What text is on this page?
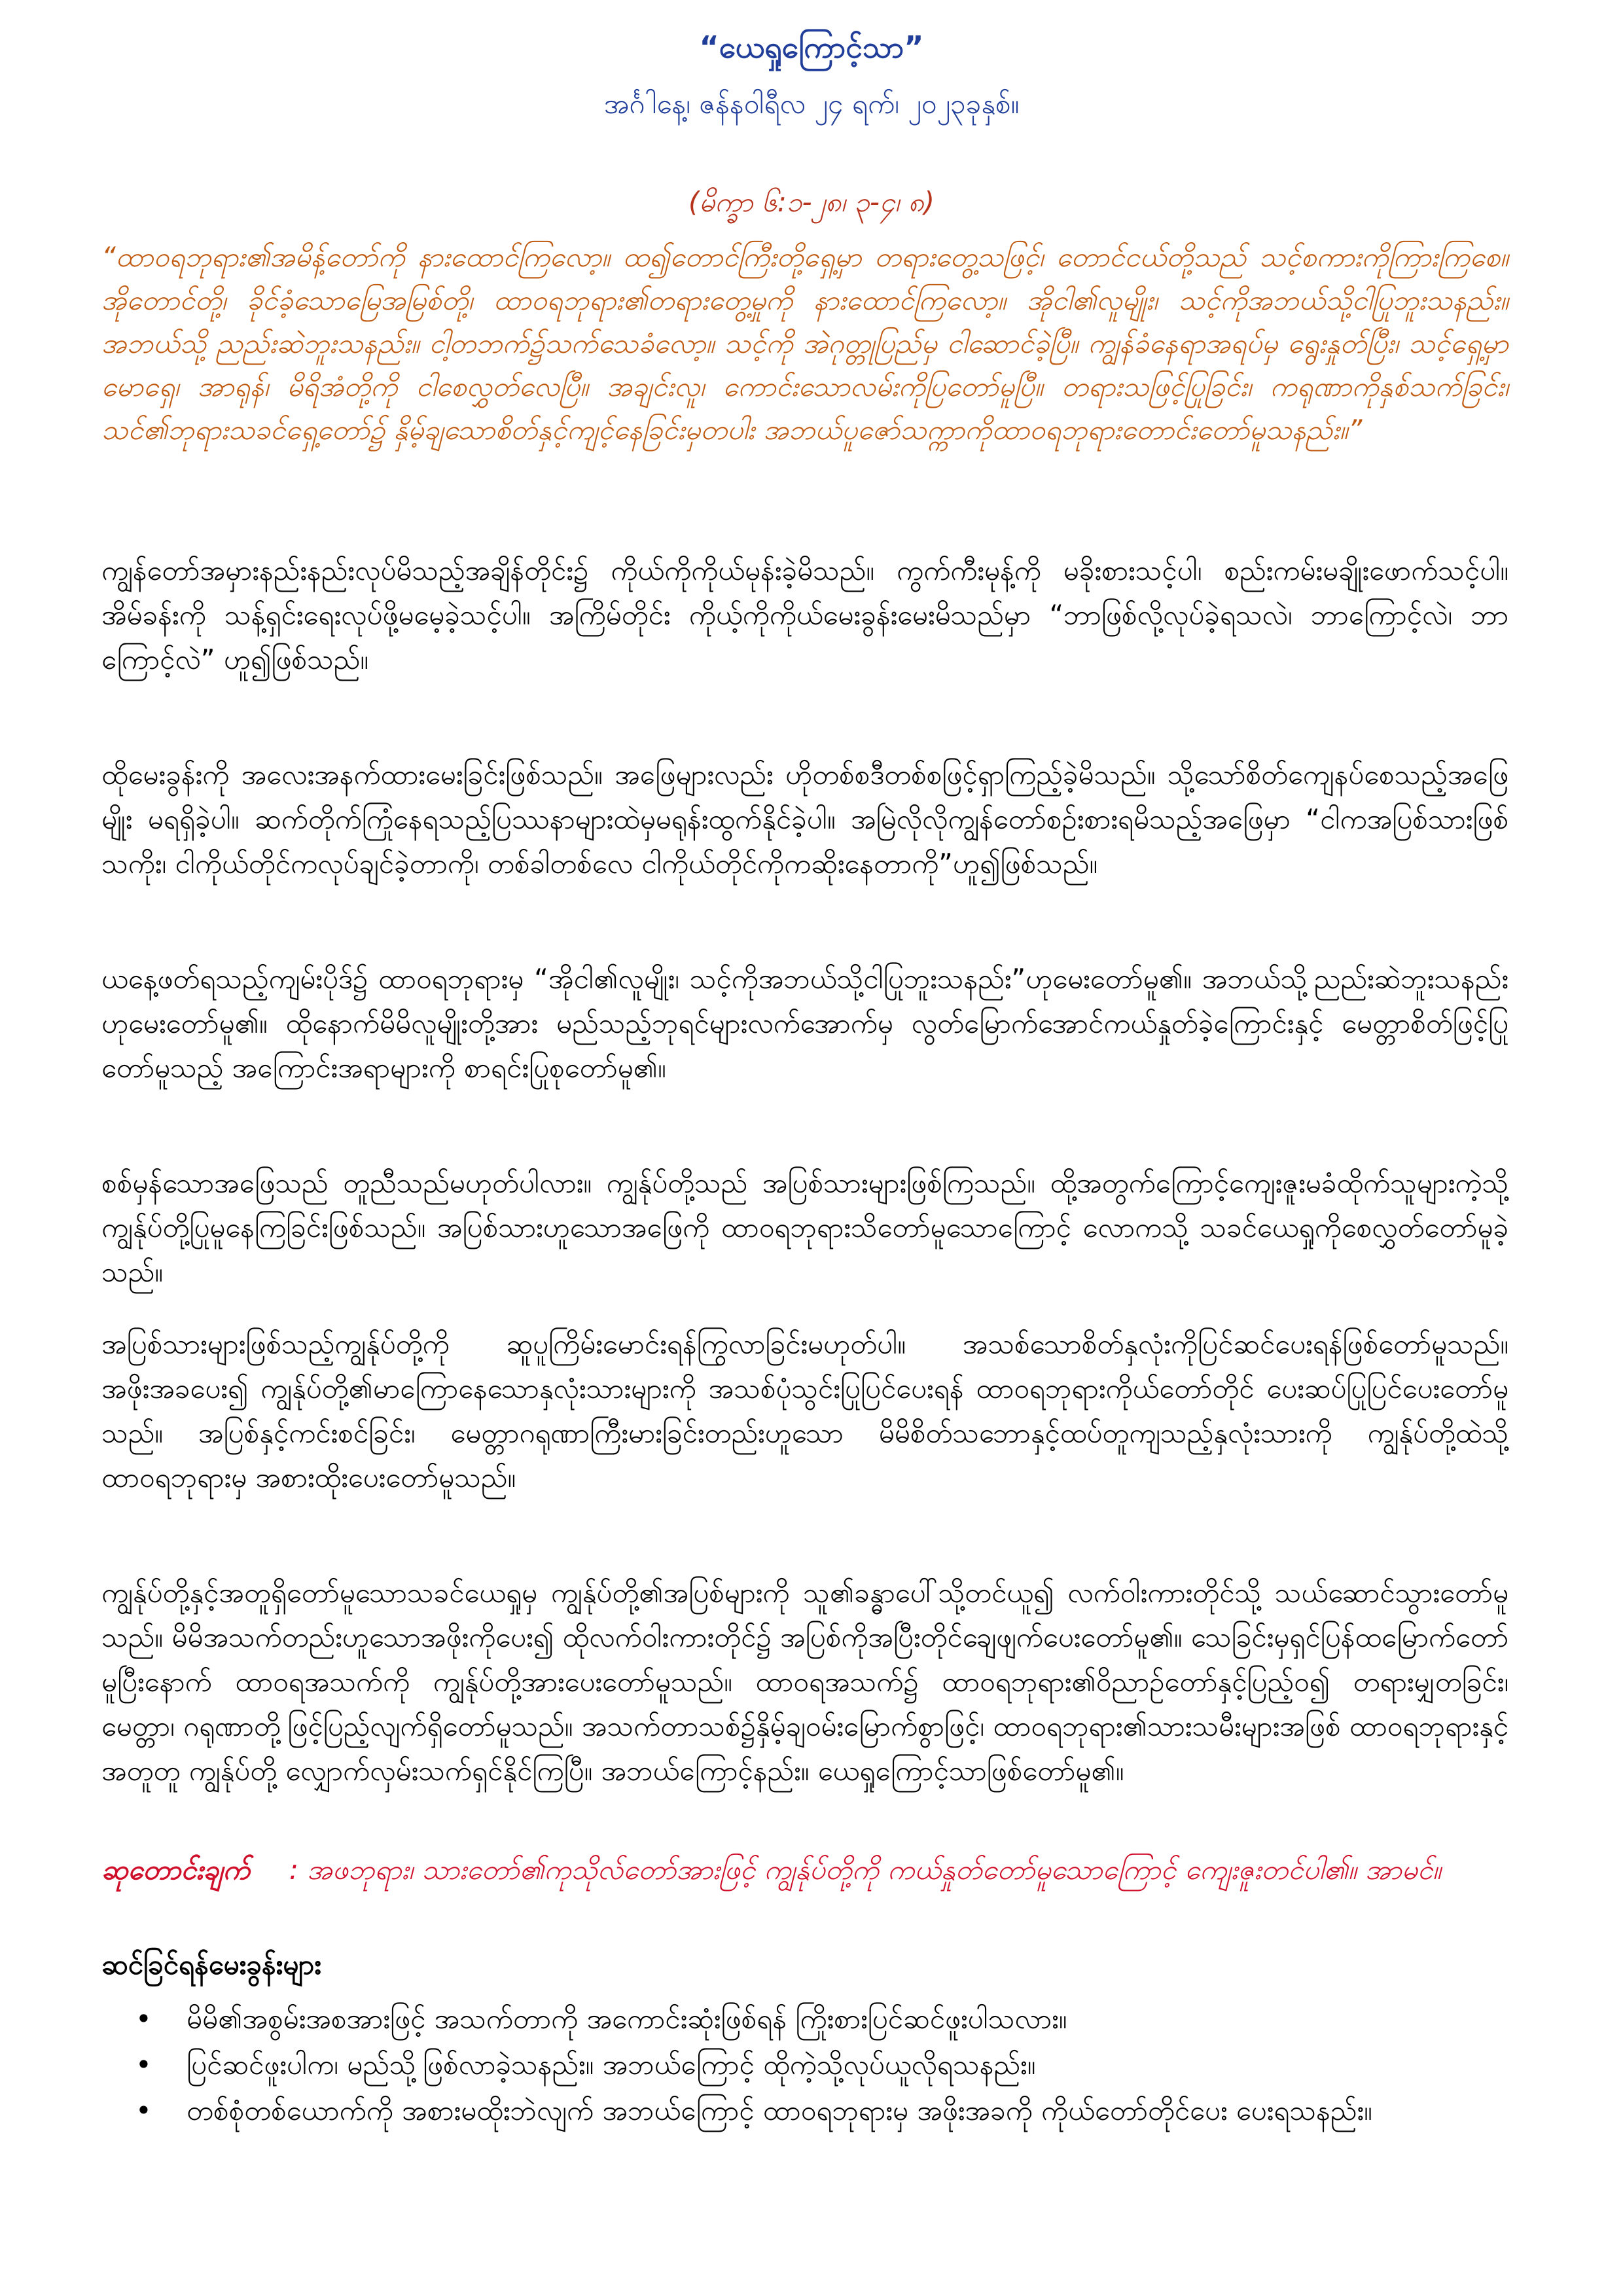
“ယေရှုကြောင့်သာ”
အင်္ဂါနေ့၊ ဇန်နဝါရီလ ၂၄ ရက်၊ ၂၀၂၃ခုနှစ်။
(မိက္ခာ ၆:၁-၂၈၊ ၃-၄၊ ၈)
“ထာဝရဘုရား၏အမိန့်တော်ကို နားထောင်ကြလော့။ ထ၍တောင်ကြီးတို့ရှေ့မှာ တရားတွေ့သဖြင့်၊ တောင်ငယ်တို့သည် သင့်စကားကိုကြားကြစေ။ အိုတောင်တို့၊ ခိုင်ခံ့သောမြေအမြစ်တို့၊ ထာဝရဘုရား၏တရားတွေ့မှုကို နားထောင်ကြလော့။ အိုငါ၏လူမျိုး၊ သင့်ကိုအဘယ်သို့ငါပြုဘူးသနည်း။ အဘယ်သို့ ညည်းဆဲဘူးသနည်း။ ငါ့တဘက်၌သက်သေခံလော့။ သင့်ကို အဲဂုတ္တုပြည်မှ ငါဆောင်ခဲ့ပြီ။ ကျွန်ခံနေရာအရပ်မှ ရွေးနှုတ်ပြီး၊ သင့်ရှေ့မှာ မောရှေ၊ အာရုန်၊ မိရိအံတို့ကို ငါစေလွှတ်လေပြီ။ အချင်းလူ၊ ကောင်းသောလမ်းကိုပြတော်မူပြီ။ တရားသဖြင့်ပြုခြင်း၊ ကရုဏာကိုနှစ်သက်ခြင်း၊ သင်၏ဘုရားသခင်ရှေ့တော်၌ နှိမ့်ချသောစိတ်နှင့်ကျင့်နေခြင်းမှတပါး အဘယ်ပူဇော်သက္ကာကိုထာဝရဘုရားတောင်းတော်မူသနည်း။”
ကျွန်တော်အမှားနည်းနည်းလုပ်မိသည့်အချိန်တိုင်း၌ ကိုယ်ကိုကိုယ်မုန်းခဲ့မိသည်။ ကွက်ကီးမုန့်ကို မခိုးစားသင့်ပါ၊ စည်းကမ်းမချိုးဖောက်သင့်ပါ။ အိမ်ခန်းကို သန့်ရှင်းရေးလုပ်ဖို့မမေ့ခဲ့သင့်ပါ။ အကြိမ်တိုင်း ကိုယ့်ကိုကိုယ်မေးခွန်းမေးမိသည်မှာ “ဘာဖြစ်လို့လုပ်ခဲ့ရသလဲ၊ ဘာကြောင့်လဲ၊ ဘာကြောင့်လဲ” ဟူ၍ဖြစ်သည်။
ထိုမေးခွန်းကို အလေးအနက်ထားမေးခြင်းဖြစ်သည်။ အဖြေများလည်း ဟိုတစ်စဒီတစ်စဖြင့်ရှာကြည့်ခဲ့မိသည်။ သို့သော်စိတ်ကျေနပ်စေသည့်အဖြေမျိုး မရရှိခဲ့ပါ။ ဆက်တိုက်ကြုံနေရသည့်ပြဿနာများထဲမှမရုန်းထွက်နိုင်ခဲ့ပါ။ အမြဲလိုလိုကျွန်တော်စဉ်းစားရမိသည့်အဖြေမှာ “ငါကအပြစ်သားဖြစ်သကိုး၊ ငါကိုယ်တိုင်ကလုပ်ချင်ခဲ့တာကို၊ တစ်ခါတစ်လေ ငါကိုယ်တိုင်ကိုကဆိုးနေတာကို”ဟူ၍ဖြစ်သည်။
ယနေ့ဖတ်ရသည့်ကျမ်းပိုဒ်၌ ထာဝရဘုရားမှ “အိုငါ၏လူမျိုး၊ သင့်ကိုအဘယ်သို့ငါပြုဘူးသနည်း”ဟုမေးတော်မူ၏။ အဘယ်သို့ညည်းဆဲဘူးသနည်းဟုမေးတော်မူ၏။ ထိုနောက်မိမိလူမျိုးတို့အား မည်သည့်ဘုရင်များလက်အောက်မှ လွတ်မြောက်အောင်ကယ်နှုတ်ခဲ့ကြောင်းနှင့် မေတ္တာစိတ်ဖြင့်ပြုတော်မူသည့် အကြောင်းအရာများကို စာရင်းပြုစုတော်မူ၏။
စစ်မှန်သောအဖြေသည် တူညီသည်မဟုတ်ပါလား။ ကျွန်ုပ်တို့သည် အပြစ်သားများဖြစ်ကြသည်။ ထို့အတွက်ကြောင့်ကျေးဇူးမခံထိုက်သူများကဲ့သို့ ကျွန်ုပ်တို့ပြုမူနေကြခြင်းဖြစ်သည်။ အပြစ်သားဟူသောအဖြေကို ထာဝရဘုရားသိတော်မူသောကြောင့် လောကသို့ သခင်ယေရှုကိုစေလွှတ်တော်မူခဲ့သည်။
အပြစ်သားများဖြစ်သည့်ကျွန်ုပ်တို့ကို ဆူပူကြိမ်းမောင်းရန်ကြွလာခြင်းမဟုတ်ပါ။ အသစ်သောစိတ်နှလုံးကိုပြင်ဆင်ပေးရန်ဖြစ်တော်မူသည်။ အဖိုးအခပေး၍ ကျွန်ုပ်တို့၏မာကြောနေသောနှလုံးသားများကို အသစ်ပုံသွင်းပြုပြင်ပေးရန် ထာဝရဘုရားကိုယ်တော်တိုင် ပေးဆပ်ပြုပြင်ပေးတော်မူသည်။ အပြစ်နှင့်ကင်းစင်ခြင်း၊ မေတ္တာဂရုဏာကြီးမားခြင်းတည်းဟူသော မိမိစိတ်သဘောနှင့်ထပ်တူကျသည့်နှလုံးသားကို ကျွန်ုပ်တို့ထဲသို့ ထာဝရဘုရားမှ အစားထိုးပေးတော်မူသည်။
ကျွန်ုပ်တို့နှင့်အတူရှိတော်မူသောသခင်ယေရှုမှ ကျွန်ုပ်တို့၏အပြစ်များကို သူ၏ခန္ဓာပေါ်သို့တင်ယူ၍ လက်ဝါးကားတိုင်သို့ သယ်ဆောင်သွားတော်မူသည်။ မိမိအသက်တည်းဟူသောအဖိုးကိုပေး၍ ထိုလက်ဝါးကားတိုင်၌ အပြစ်ကိုအပြီးတိုင်ချေဖျက်ပေးတော်မူ၏။ သေခြင်းမှရှင်ပြန်ထမြောက်တော်မူပြီးနောက် ထာဝရအသက်ကို ကျွန်ုပ်တို့အားပေးတော်မူသည်။ ထာဝရအသက်၌ ထာဝရဘုရား၏ဝိညာဉ်တော်နှင့်ပြည့်ဝ၍ တရားမျှတခြင်း၊ မေတ္တာ၊ ဂရုဏာတို့ဖြင့်ပြည့်လျက်ရှိတော်မူသည်။ အသက်တာသစ်၌နှိမ့်ချဝမ်းမြောက်စွာဖြင့်၊ ထာဝရဘုရား၏သားသမီးများအဖြစ် ထာဝရဘုရားနှင့်အတူတူ ကျွန်ုပ်တို့ လျှောက်လှမ်းသက်ရှင်နိုင်ကြပြီ။ အဘယ်ကြောင့်နည်း။ ယေရှုကြောင့်သာဖြစ်တော်မူ၏။
ဆုတောင်းချက် : အဖဘုရား၊ သားတော်၏ကုသိုလ်တော်အားဖြင့် ကျွန်ုပ်တို့ကို ကယ်နှုတ်တော်မူသောကြောင့် ကျေးဇူးတင်ပါ၏။ အာမင်။
ဆင်ခြင်ရန်မေးခွန်းများ
• မိမိ၏အစွမ်းအစအားဖြင့် အသက်တာကို အကောင်းဆုံးဖြစ်ရန် ကြိုးစားပြင်ဆင်ဖူးပါသလား။
• ပြင်ဆင်ဖူးပါက၊ မည်သို့ဖြစ်လာခဲ့သနည်း။ အဘယ်ကြောင့် ထိုကဲ့သို့လုပ်ယူလိုရသနည်း။
• တစ်စုံတစ်ယောက်ကို အစားမထိုးဘဲလျက် အဘယ်ကြောင့် ထာဝရဘုရားမှ အဖိုးအခကို ကိုယ်တော်တိုင်ပေး ပေးရသနည်း။
